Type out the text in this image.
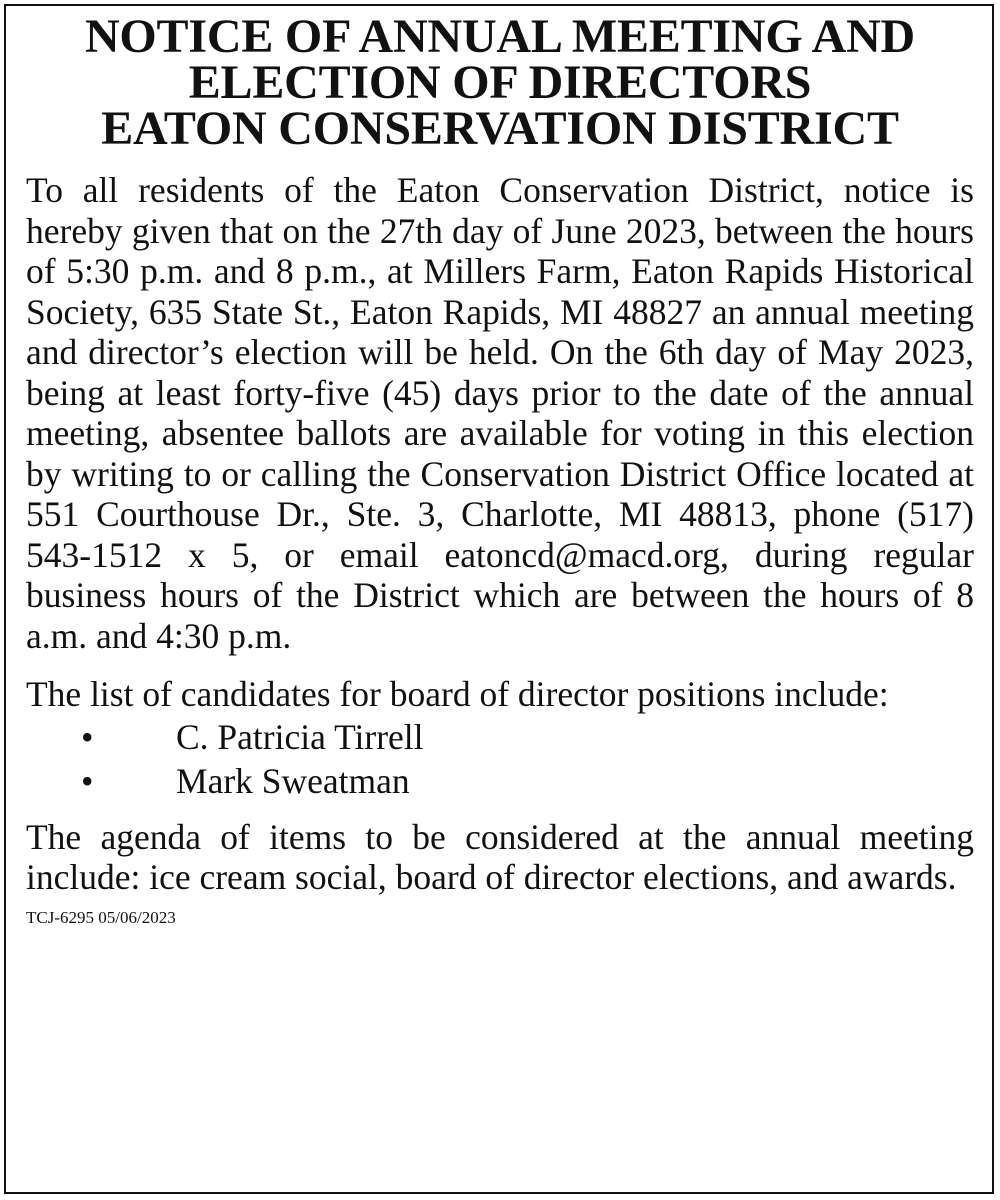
NOTICE OF ANNUAL MEETING AND
ELECTION OF DIRECTORS
EATON CONSERVATION DISTRICT

To all residents of the Eaton Conservation District, notice is hereby given that on the 27th day of June 2023, between the hours of 5:30 p.m. and 8 p.m., at Millers Farm, Eaton Rapids Historical Society, 635 State St., Eaton Rapids, MI 48827 an annual meeting and director’s election will be held. On the 6th day of May 2023, being at least forty-five (45) days prior to the date of the annual meeting, absentee ballots are available for voting in this election by writing to or calling the Conservation District Office located at 551 Courthouse Dr., Ste. 3, Charlotte, MI 48813, phone (517) 543-1512 x 5, or email eatoncd@​macd.org, during regular business hours of the District which are between the hours of 8 a.m. and 4:30 p.m.

The list of candidates for board of director positions include:

• C. Patricia Tirrell
• Mark Sweatman

The agenda of items to be considered at the annual meeting include: ice cream social, board of director elections, and awards.

TCJ-6295 05/06/2023
